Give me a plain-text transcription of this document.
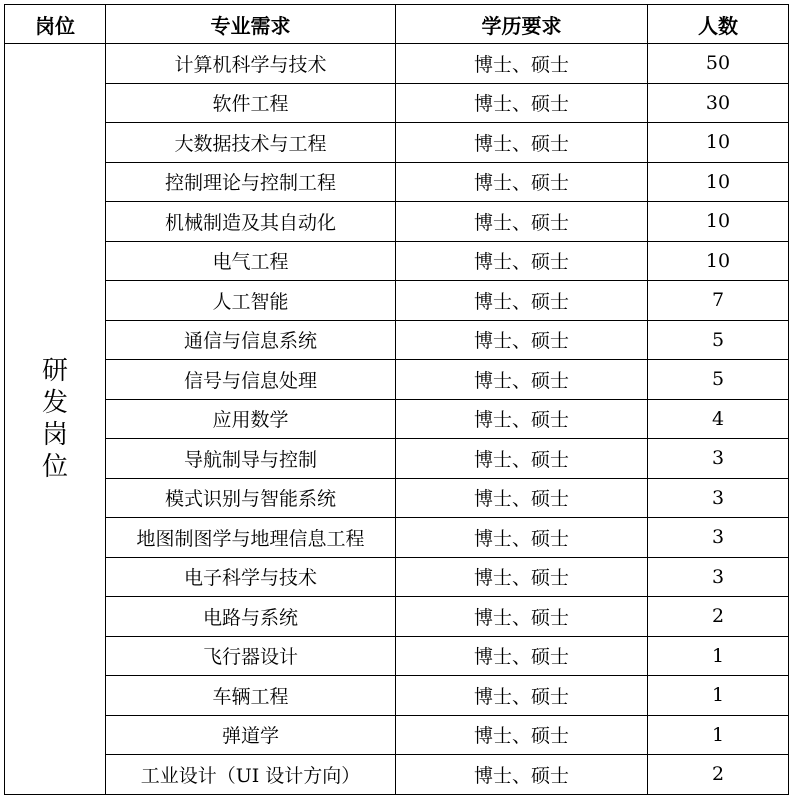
岗位	专业需求	学历要求	人数
研发岗位	计算机科学与技术	博士、硕士	50
	软件工程	博士、硕士	30
	大数据技术与工程	博士、硕士	10
	控制理论与控制工程	博士、硕士	10
	机械制造及其自动化	博士、硕士	10
	电气工程	博士、硕士	10
	人工智能	博士、硕士	7
	通信与信息系统	博士、硕士	5
	信号与信息处理	博士、硕士	5
	应用数学	博士、硕士	4
	导航制导与控制	博士、硕士	3
	模式识别与智能系统	博士、硕士	3
	地图制图学与地理信息工程	博士、硕士	3
	电子科学与技术	博士、硕士	3
	电路与系统	博士、硕士	2
	飞行器设计	博士、硕士	1
	车辆工程	博士、硕士	1
	弹道学	博士、硕士	1
	工业设计（UI 设计方向）	博士、硕士	2
